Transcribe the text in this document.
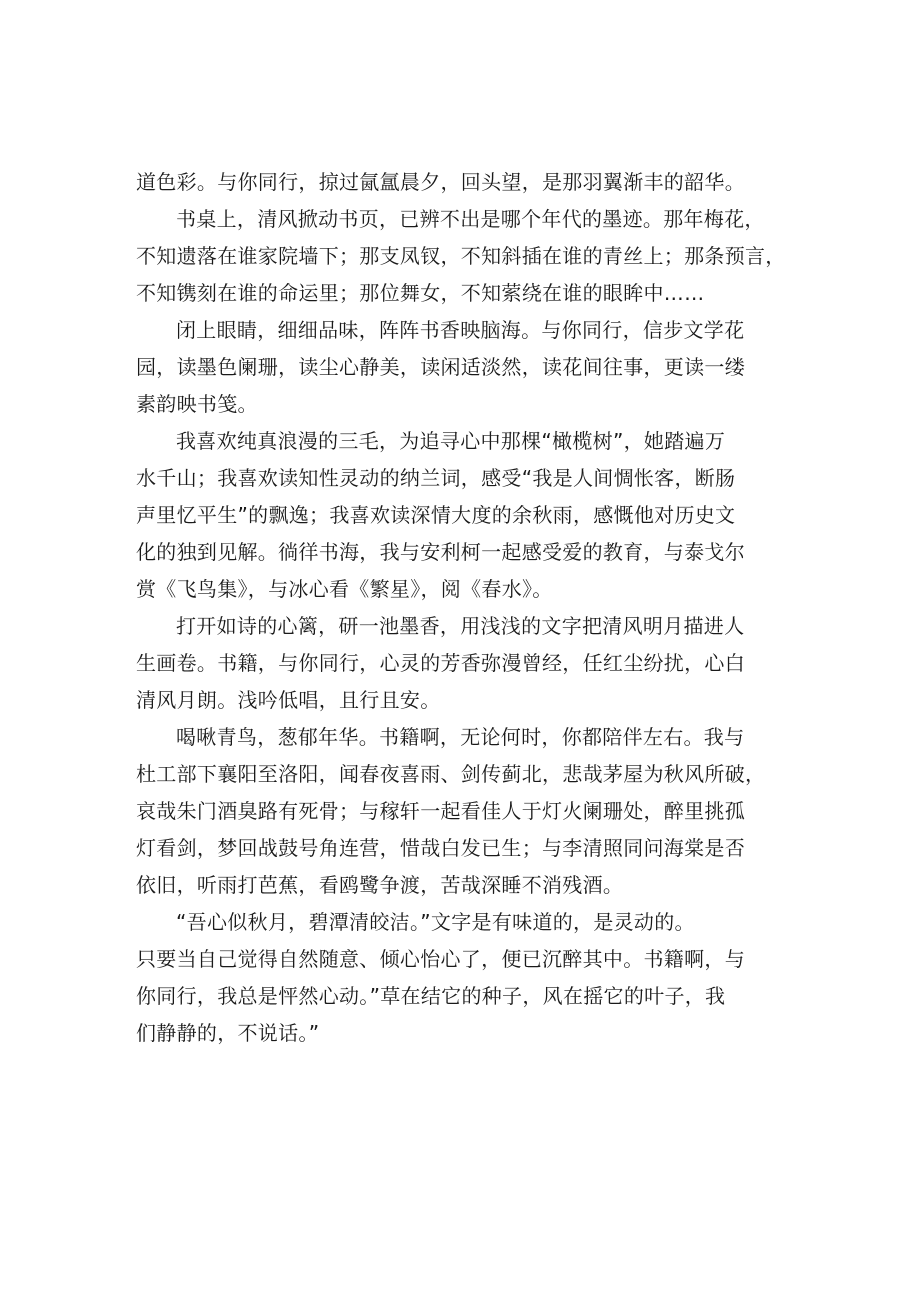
道色彩。与你同行，掠过氤氲晨夕，回头望，是那羽翼渐丰的韶华。
书桌上，清风掀动书页，已辨不出是哪个年代的墨迹。那年梅花，
不知遗落在谁家院墙下；那支凤钗，不知斜插在谁的青丝上；那条预言，
不知镌刻在谁的命运里；那位舞女，不知萦绕在谁的眼眸中……
闭上眼睛，细细品味，阵阵书香映脑海。与你同行，信步文学花
园，读墨色阑珊，读尘心静美，读闲适淡然，读花间往事，更读一缕
素韵映书笺。
我喜欢纯真浪漫的三毛，为追寻心中那棵“橄榄树”，她踏遍万
水千山；我喜欢读知性灵动的纳兰词，感受“我是人间惆怅客，断肠
声里忆平生”的飘逸；我喜欢读深情大度的余秋雨，感慨他对历史文
化的独到见解。徜徉书海，我与安利柯一起感受爱的教育，与泰戈尔
赏《飞鸟集》，与冰心看《繁星》，阅《春水》。
打开如诗的心篱，研一池墨香，用浅浅的文字把清风明月描进人
生画卷。书籍，与你同行，心灵的芳香弥漫曾经，任红尘纷扰，心白
清风月朗。浅吟低唱，且行且安。
喝啾青鸟，葱郁年华。书籍啊，无论何时，你都陪伴左右。我与
杜工部下襄阳至洛阳，闻春夜喜雨、剑传蓟北，悲哉茅屋为秋风所破，
哀哉朱门酒臭路有死骨；与稼轩一起看佳人于灯火阑珊处，醉里挑孤
灯看剑，梦回战鼓号角连营，惜哉白发已生；与李清照同问海棠是否
依旧，听雨打芭蕉，看鸥鹭争渡，苦哉深睡不消残酒。
“吾心似秋月，碧潭清皎洁。”文字是有味道的，是灵动的。
只要当自己觉得自然随意、倾心怡心了，便已沉醉其中。书籍啊，与
你同行，我总是怦然心动。”草在结它的种子，风在摇它的叶子，我
们静静的，不说话。”
